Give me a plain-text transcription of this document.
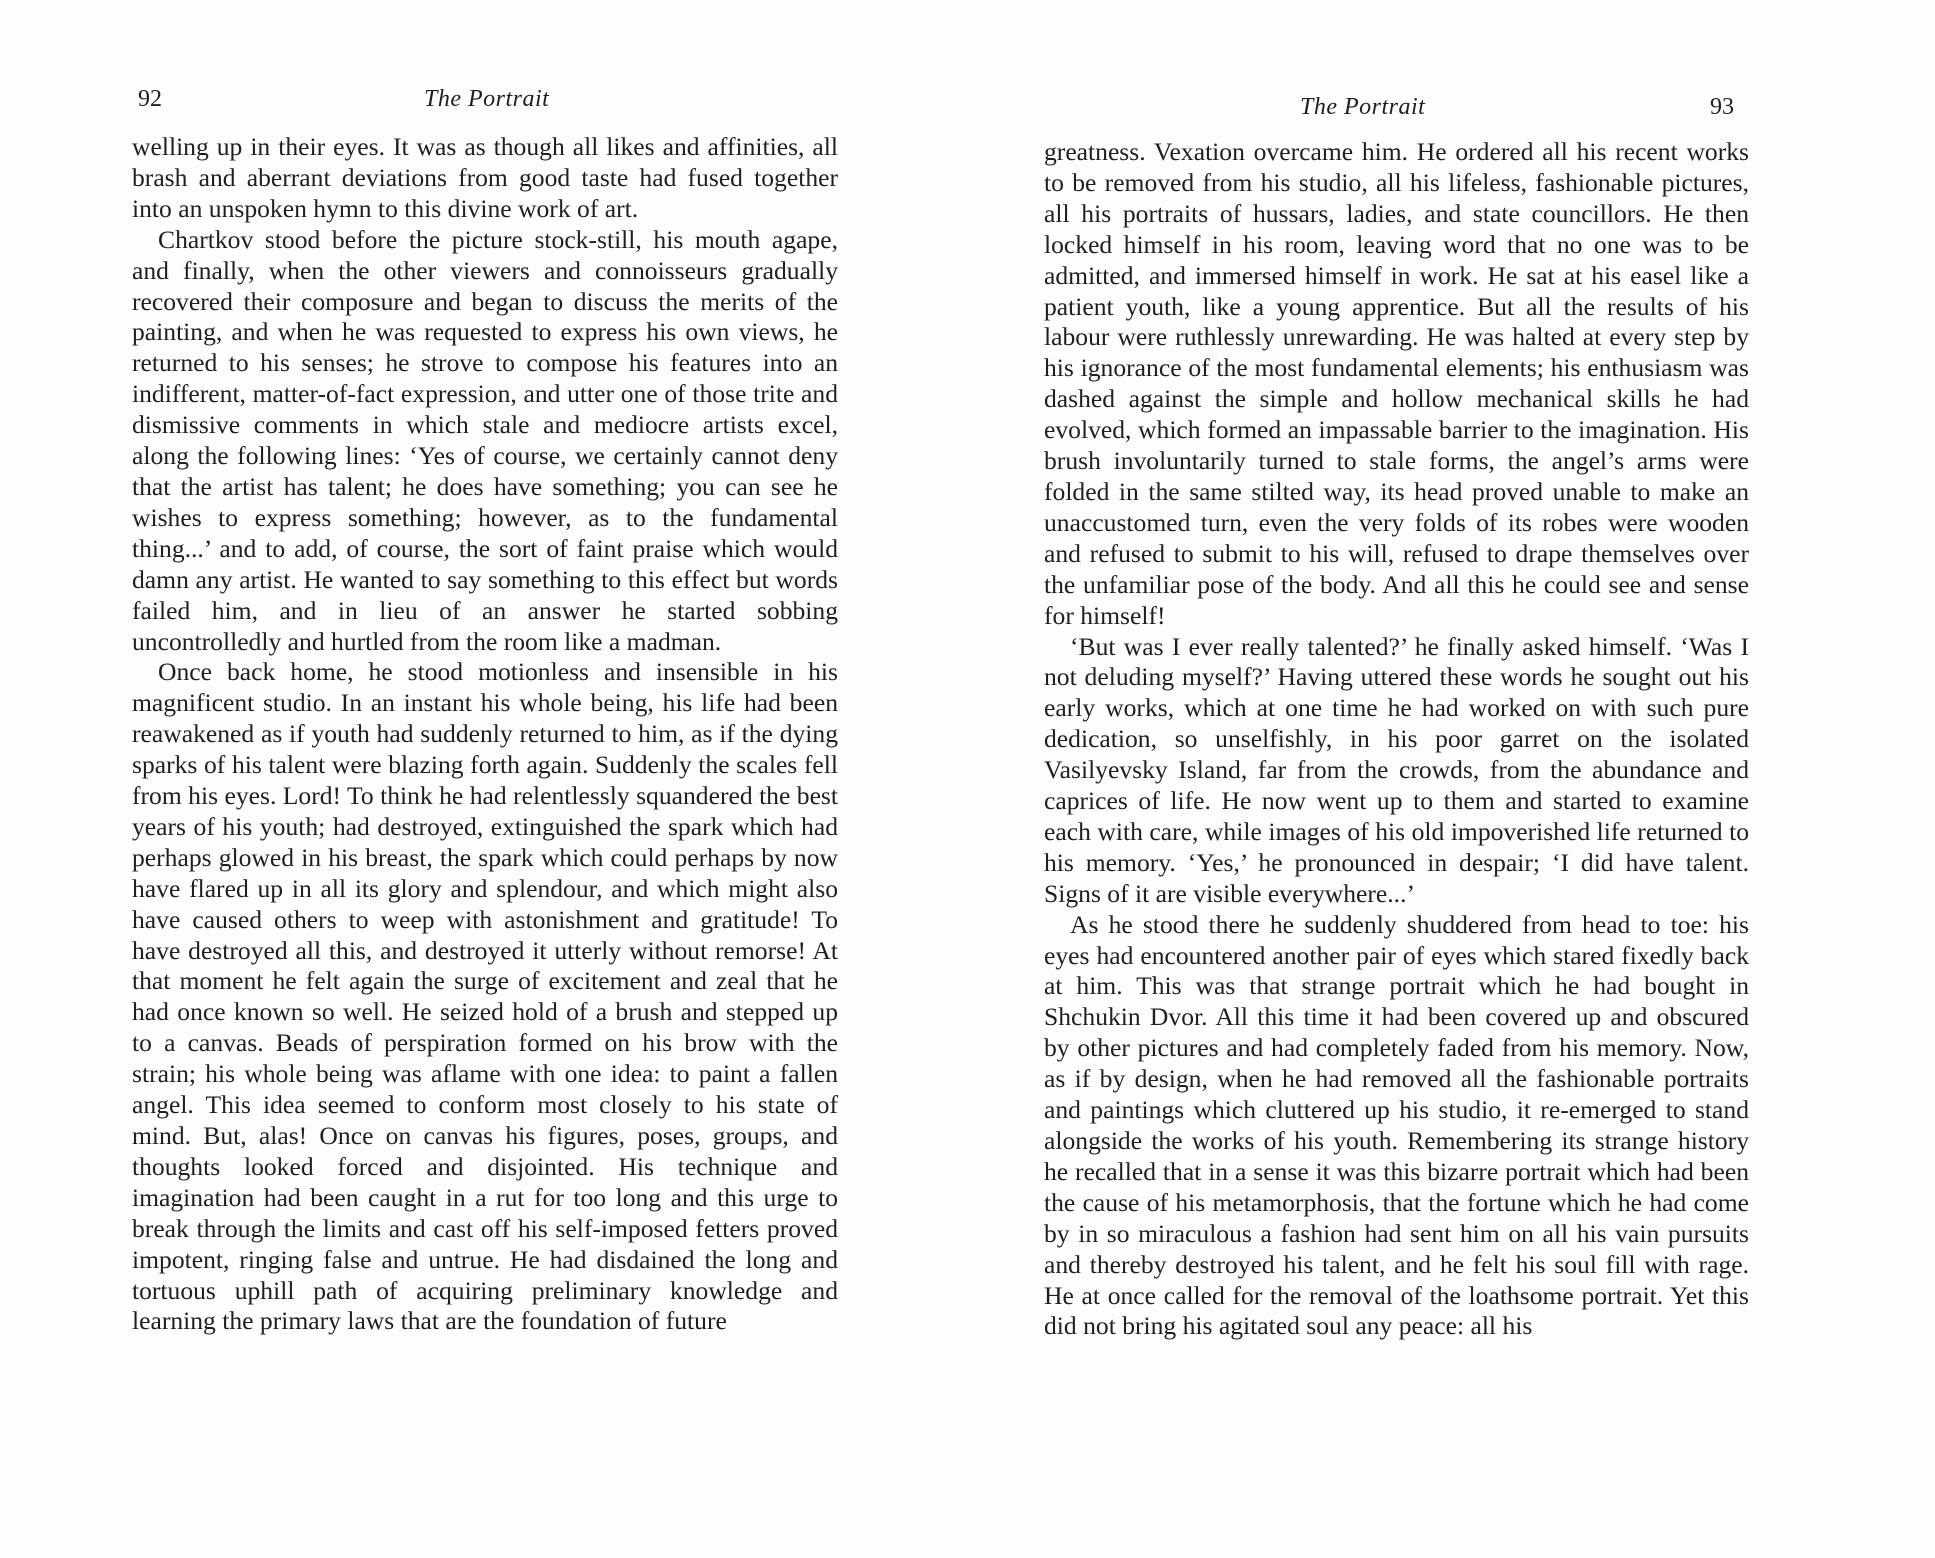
92	The Portrait

welling up in their eyes. It was as though all likes and affinities, all brash and aberrant deviations from good taste had fused together into an unspoken hymn to this divine work of art.

Chartkov stood before the picture stock-still, his mouth agape, and finally, when the other viewers and connoisseurs gradually recovered their composure and began to discuss the merits of the painting, and when he was requested to express his own views, he returned to his senses; he strove to compose his features into an indifferent, matter-of-fact expression, and utter one of those trite and dismissive comments in which stale and mediocre artists excel, along the following lines: ‘Yes of course, we certainly cannot deny that the artist has talent; he does have something; you can see he wishes to express something; however, as to the fundamental thing...’ and to add, of course, the sort of faint praise which would damn any artist. He wanted to say something to this effect but words failed him, and in lieu of an answer he started sobbing uncontrolledly and hurtled from the room like a madman.

Once back home, he stood motionless and insensible in his magnificent studio. In an instant his whole being, his life had been reawakened as if youth had suddenly returned to him, as if the dying sparks of his talent were blazing forth again. Suddenly the scales fell from his eyes. Lord! To think he had relentlessly squandered the best years of his youth; had destroyed, extinguished the spark which had perhaps glowed in his breast, the spark which could perhaps by now have flared up in all its glory and splendour, and which might also have caused others to weep with astonishment and gratitude! To have destroyed all this, and destroyed it utterly without remorse! At that moment he felt again the surge of excitement and zeal that he had once known so well. He seized hold of a brush and stepped up to a canvas. Beads of perspiration formed on his brow with the strain; his whole being was aflame with one idea: to paint a fallen angel. This idea seemed to conform most closely to his state of mind. But, alas! Once on canvas his figures, poses, groups, and thoughts looked forced and disjointed. His technique and imagination had been caught in a rut for too long and this urge to break through the limits and cast off his self-imposed fetters proved impotent, ringing false and untrue. He had disdained the long and tortuous uphill path of acquiring preliminary knowledge and learning the primary laws that are the foundation of future

The Portrait	93

greatness. Vexation overcame him. He ordered all his recent works to be removed from his studio, all his lifeless, fashionable pictures, all his portraits of hussars, ladies, and state councillors. He then locked himself in his room, leaving word that no one was to be admitted, and immersed himself in work. He sat at his easel like a patient youth, like a young apprentice. But all the results of his labour were ruthlessly unrewarding. He was halted at every step by his ignorance of the most fundamental elements; his enthusiasm was dashed against the simple and hollow mechanical skills he had evolved, which formed an impassable barrier to the imagination. His brush involuntarily turned to stale forms, the angel’s arms were folded in the same stilted way, its head proved unable to make an unaccustomed turn, even the very folds of its robes were wooden and refused to submit to his will, refused to drape themselves over the unfamiliar pose of the body. And all this he could see and sense for himself!

‘But was I ever really talented?’ he finally asked himself. ‘Was I not deluding myself?’ Having uttered these words he sought out his early works, which at one time he had worked on with such pure dedication, so unselfishly, in his poor garret on the isolated Vasilyevsky Island, far from the crowds, from the abundance and caprices of life. He now went up to them and started to examine each with care, while images of his old impoverished life returned to his memory. ‘Yes,’ he pronounced in despair; ‘I did have talent. Signs of it are visible everywhere...’

As he stood there he suddenly shuddered from head to toe: his eyes had encountered another pair of eyes which stared fixedly back at him. This was that strange portrait which he had bought in Shchukin Dvor. All this time it had been covered up and obscured by other pictures and had completely faded from his memory. Now, as if by design, when he had removed all the fashionable portraits and paintings which cluttered up his studio, it re-emerged to stand alongside the works of his youth. Remembering its strange history he recalled that in a sense it was this bizarre portrait which had been the cause of his metamorphosis, that the fortune which he had come by in so miraculous a fashion had sent him on all his vain pursuits and thereby destroyed his talent, and he felt his soul fill with rage. He at once called for the removal of the loathsome portrait. Yet this did not bring his agitated soul any peace: all his
